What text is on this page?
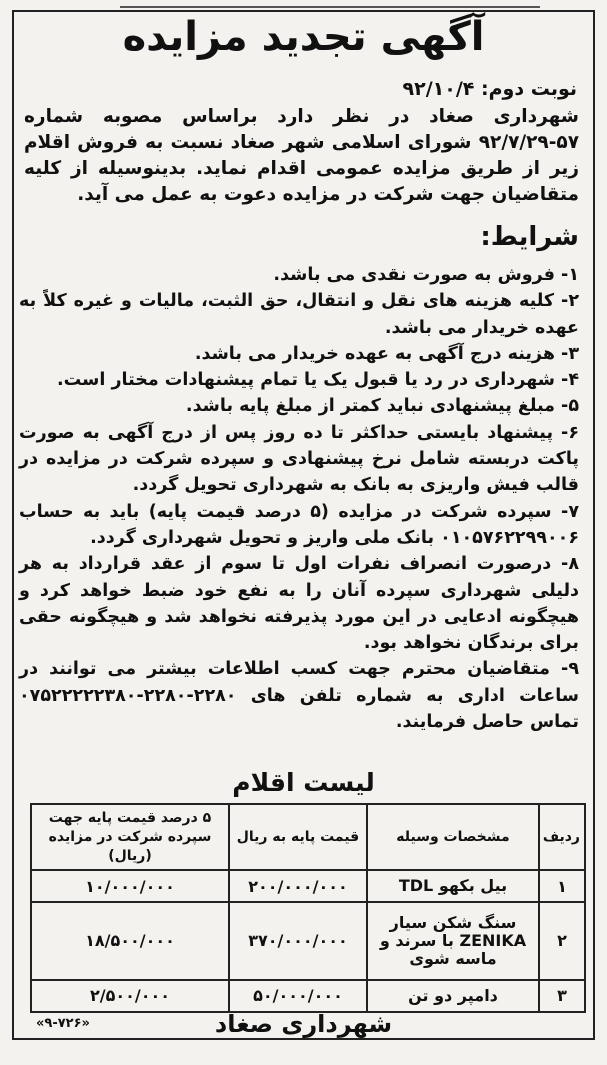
آگهی تجدید مزایده
نوبت دوم: ۹۲/۱۰/۴
شهرداری صغاد در نظر دارد براساس مصوبه شماره ۵۷-۹۲/۷/۲۹ شورای اسلامی شهر صغاد نسبت به فروش اقلام زیر از طریق مزایده عمومی اقدام نماید. بدینوسیله از کلیه متقاضیان جهت شرکت در مزایده دعوت به عمل می آید.
شرایط:

۱- فروش به صورت نقدی می باشد.

۲- کلیه هزینه های نقل و انتقال، حق الثبت، مالیات و غیره کلاً به عهده خریدار می باشد.

۳- هزینه درج آگهی به عهده خریدار می باشد.

۴- شهرداری در رد یا قبول یک یا تمام پیشنهادات مختار است.

۵- مبلغ پیشنهادی نباید کمتر از مبلغ پایه باشد.

۶- پیشنهاد بایستی حداکثر تا ده روز پس از درج آگهی به صورت پاکت دربسته شامل نرخ پیشنهادی و سپرده شرکت در مزایده در قالب فیش واریزی به بانک به شهرداری تحویل گردد.

۷- سپرده شرکت در مزایده (۵ درصد قیمت پایه) باید به حساب ۰۱۰۵۷۶۲۲۹۹۰۰۶ بانک ملی واریز و تحویل شهرداری گردد.

۸- درصورت انصراف نفرات اول تا سوم از عقد قرارداد به هر دلیلی شهرداری سپرده آنان را به نفع خود ضبط خواهد کرد و هیچگونه ادعایی در این مورد پذیرفته نخواهد شد و هیچگونه حقی برای برندگان نخواهد بود.

۹- متقاضیان محترم جهت کسب اطلاعات بیشتر می توانند در ساعات اداری به شماره تلفن های ۲۲۸۰-۲۲۸۰-۰۷۵۲۲۲۲۲۳۸۰ تماس حاصل فرمایند.

لیست اقلام
ردیف	مشخصات وسیله	قیمت پایه به ریال	۵ درصد قیمت پایه جهت سپرده شرکت در مزایده (ریال)
۱	بیل بکهو TDL	۲۰۰/۰۰۰/۰۰۰	۱۰/۰۰۰/۰۰۰
۲	سنگ شکن سیار ZENIKA با سرند و ماسه شوی	۳۷۰/۰۰۰/۰۰۰	۱۸/۵۰۰/۰۰۰
۳	دامپر دو تن	۵۰/۰۰۰/۰۰۰	۲/۵۰۰/۰۰۰
شهرداری صغاد
«۹-۷۲۶»
